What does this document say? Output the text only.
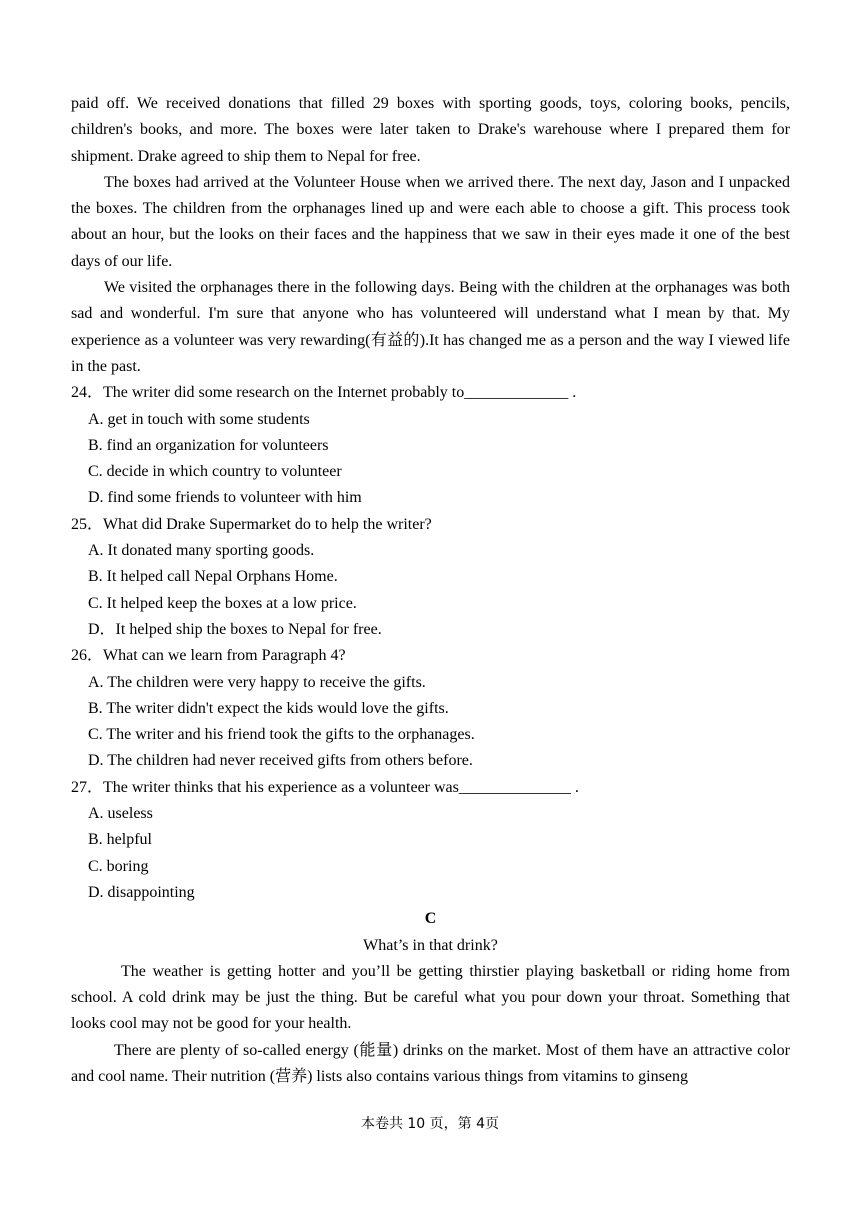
paid off. We received donations that filled 29 boxes with sporting goods, toys, coloring books, pencils, children's books, and more. The boxes were later taken to Drake's warehouse where I prepared them for shipment. Drake agreed to ship them to Nepal for free.

The boxes had arrived at the Volunteer House when we arrived there. The next day, Jason and I unpacked the boxes. The children from the orphanages lined up and were each able to choose a gift. This process took about an hour, but the looks on their faces and the happiness that we saw in their eyes made it one of the best days of our life.

We visited the orphanages there in the following days. Being with the children at the orphanages was both sad and wonderful. I'm sure that anyone who has volunteered will understand what I mean by that. My experience as a volunteer was very rewarding(有益的).It has changed me as a person and the way I viewed life in the past.

24．The writer did some research on the Internet probably to_____________ .

A. get in touch with some students

B. find an organization for volunteers

C. decide in which country to volunteer

D. find some friends to volunteer with him

25．What did Drake Supermarket do to help the writer?

A. It donated many sporting goods.

B. It helped call Nepal Orphans Home.

C. It helped keep the boxes at a low price.

D．It helped ship the boxes to Nepal for free.

26．What can we learn from Paragraph 4?

A. The children were very happy to receive the gifts.

B. The writer didn't expect the kids would love the gifts.

C. The writer and his friend took the gifts to the orphanages.

D. The children had never received gifts from others before.

27．The writer thinks that his experience as a volunteer was______________ .

A. useless

B. helpful

C. boring

D. disappointing

C

What’s in that drink?

The weather is getting hotter and you’ll be getting thirstier playing basketball or riding home from school. A cold drink may be just the thing. But be careful what you pour down your throat. Something that looks cool may not be good for your health.

There are plenty of so-called energy (能量) drinks on the market. Most of them have an attractive color and cool name. Their nutrition (营养) lists also contains various things from vitamins to ginseng

本卷共 10 页，第 4页
